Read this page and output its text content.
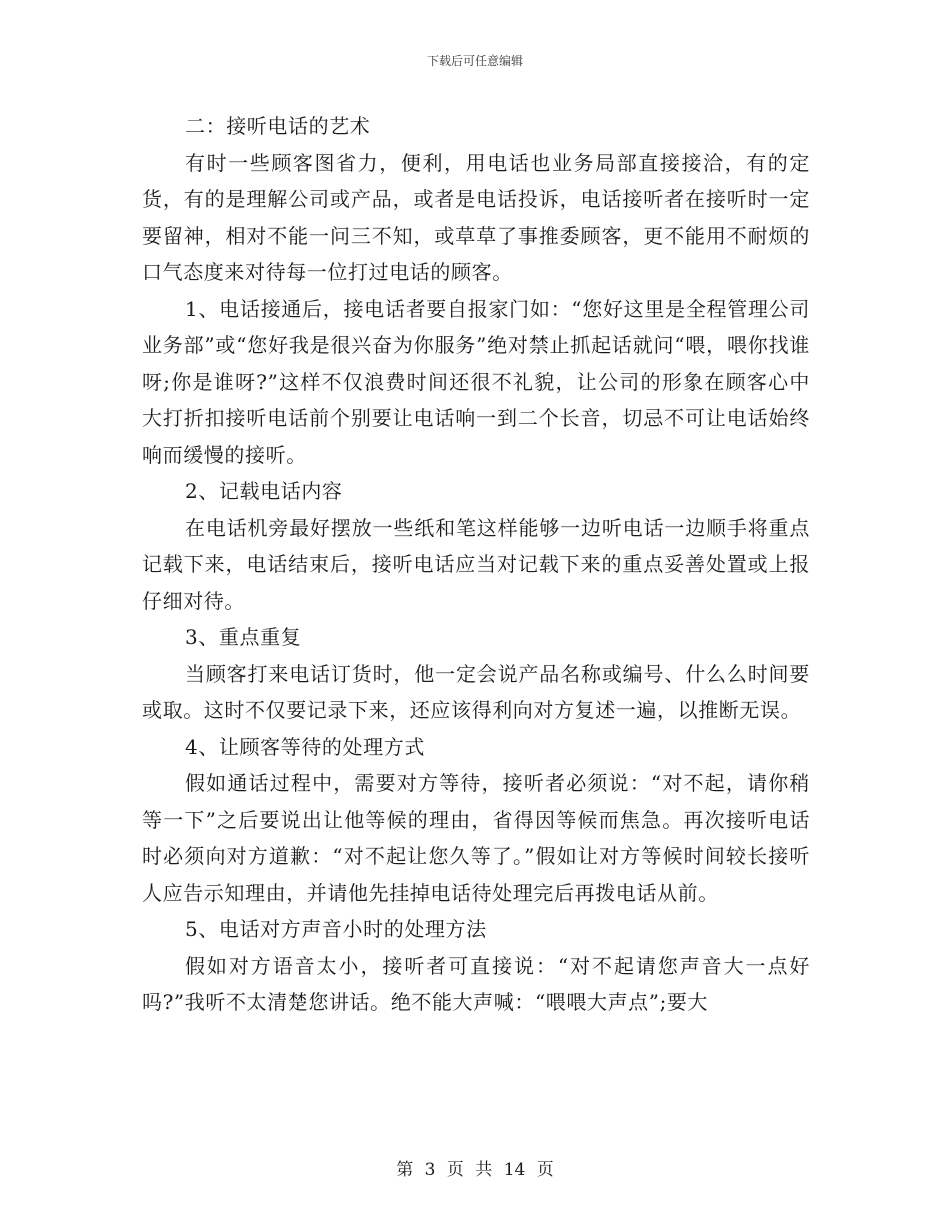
下载后可任意编辑

二：接听电话的艺术

有时一些顾客图省力，便利，用电话也业务局部直接接洽，有的定货，有的是理解公司或产品，或者是电话投诉，电话接听者在接听时一定要留神，相对不能一问三不知，或草草了事推委顾客，更不能用不耐烦的口气态度来对待每一位打过电话的顾客。

1、电话接通后，接电话者要自报家门如：“您好这里是全程管理公司业务部”或“您好我是很兴奋为你服务”绝对禁止抓起话就问“喂，喂你找谁呀;你是谁呀?”这样不仅浪费时间还很不礼貌，让公司的形象在顾客心中大打折扣接听电话前个别要让电话响一到二个长音，切忌不可让电话始终响而缓慢的接听。

2、记载电话内容

在电话机旁最好摆放一些纸和笔这样能够一边听电话一边顺手将重点记载下来，电话结束后，接听电话应当对记载下来的重点妥善处置或上报仔细对待。

3、重点重复

当顾客打来电话订货时，他一定会说产品名称或编号、什么么时间要或取。这时不仅要记录下来，还应该得利向对方复述一遍，以推断无误。

4、让顾客等待的处理方式

假如通话过程中，需要对方等待，接听者必须说：“对不起，请你稍等一下”之后要说出让他等候的理由，省得因等候而焦急。再次接听电话时必须向对方道歉：“对不起让您久等了。”假如让对方等候时间较长接听人应告示知理由，并请他先挂掉电话待处理完后再拨电话从前。

5、电话对方声音小时的处理方法

假如对方语音太小，接听者可直接说：“对不起请您声音大一点好吗?”我听不太清楚您讲话。绝不能大声喊：“喂喂大声点”;要大

第 3 页 共 14 页
